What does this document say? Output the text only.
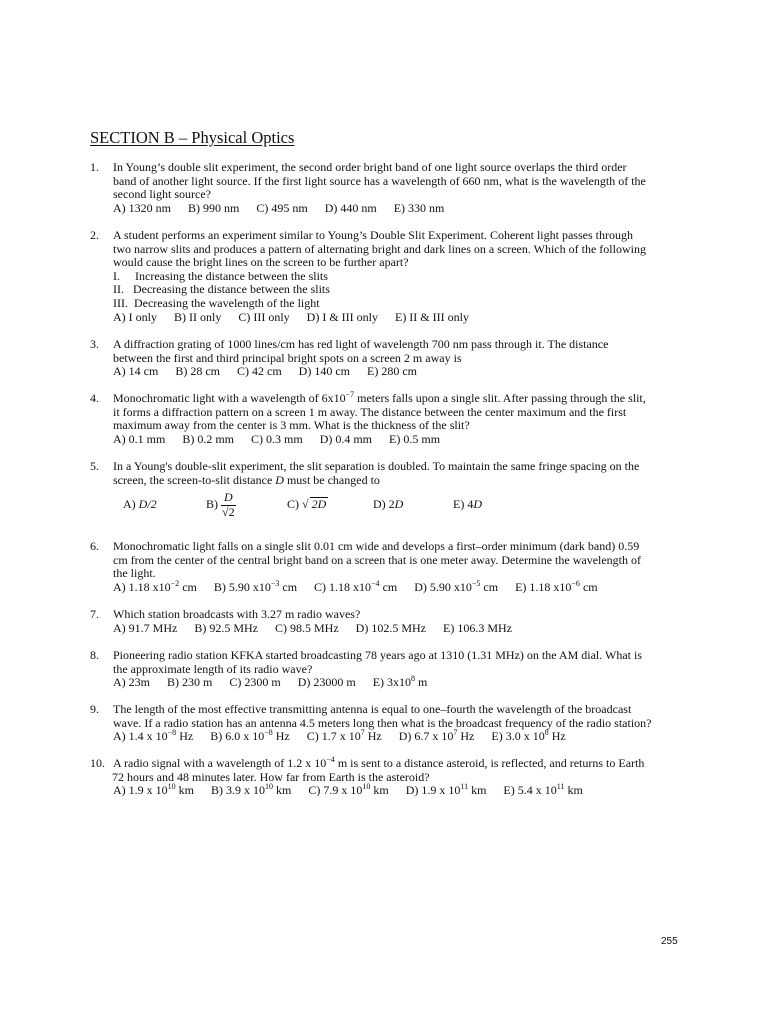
SECTION B – Physical Optics
1.	In Young’s double slit experiment, the second order bright band of one light source overlaps the third order
band of another light source. If the first light source has a wavelength of 660 nm, what is the wavelength of the
second light source?
A) 1320 nm B) 990 nm C) 495 nm D) 440 nm E) 330 nm
2.	A student performs an experiment similar to Young’s Double Slit Experiment. Coherent light passes through
two narrow slits and produces a pattern of alternating bright and dark lines on a screen. Which of the following
would cause the bright lines on the screen to be further apart?
I.     Increasing the distance between the slits
II.   Decreasing the distance between the slits
III.  Decreasing the wavelength of the light
A) I only B) II only C) III only D) I & III only E) II & III only
3.	A diffraction grating of 1000 lines/cm has red light of wavelength 700 nm pass through it. The distance
between the first and third principal bright spots on a screen 2 m away is
A) 14 cm B) 28 cm C) 42 cm D) 140 cm E) 280 cm
4.	Monochromatic light with a wavelength of $6x10^{-7}$ meters falls upon a single slit. After passing through the slit,
it forms a diffraction pattern on a screen 1 m away. The distance between the center maximum and the first
maximum away from the center is 3 mm. What is the thickness of the slit?
A) 0.1 mm B) 0.2 mm C) 0.3 mm D) 0.4 mm E) 0.5 mm
5.	In a Young's double-slit experiment, the slit separation is doubled. To maintain the same fringe spacing on the
screen, the screen-to-slit distance D must be changed to
A) D/2	$B) \frac{D}{√2}$	C) √ 2D	D) 2D	E) 4D
6.	Monochromatic light falls on a single slit 0.01 cm wide and develops a first–order minimum (dark band) 0.59
cm from the center of the central bright band on a screen that is one meter away. Determine the wavelength of
the light.
A) 1.18 $x10^{-2}$ cm B) 5.90 $x10^{-3}$ cm C) 1.18 $x10^{-4}$ cm D) 5.90 $x10^{-5}$ cm E) 1.18 $x10^{-6}$ cm
7.	Which station broadcasts with 3.27 m radio waves?
A) 91.7 MHz B) 92.5 MHz C) 98.5 MHz D) 102.5 MHz E) 106.3 MHz
8.	Pioneering radio station KFKA started broadcasting 78 years ago at 1310 (1.31 MHz) on the AM dial. What is
the approximate length of its radio wave?
A) 23m B) 230 m C) 2300 m D) 23000 m E) $3x10^8$ m
9.	The length of the most effective transmitting antenna is equal to one–fourth the wavelength of the broadcast
wave. If a radio station has an antenna 4.5 meters long then what is the broadcast frequency of the radio station?
A) 1.4 x $10^{-8}$ Hz B) 6.0 x $10^{-8}$ Hz C) 1.7 x $10^7$ Hz D) 6.7 x $10^7$ Hz E) 3.0 x $10^8$ Hz
10. A radio signal with a wavelength of 1.2 x $10^{-4}$ m is sent to a distance asteroid, is reflected, and returns to Earth
72 hours and 48 minutes later. How far from Earth is the asteroid?
A) 1.9 x $10^{10}$ km B) 3.9 x $10^{10}$ km C) 7.9 x $10^{10}$ km D) 1.9 x $10^{11}$ km E) 5.4 x $10^{11}$ km
255
